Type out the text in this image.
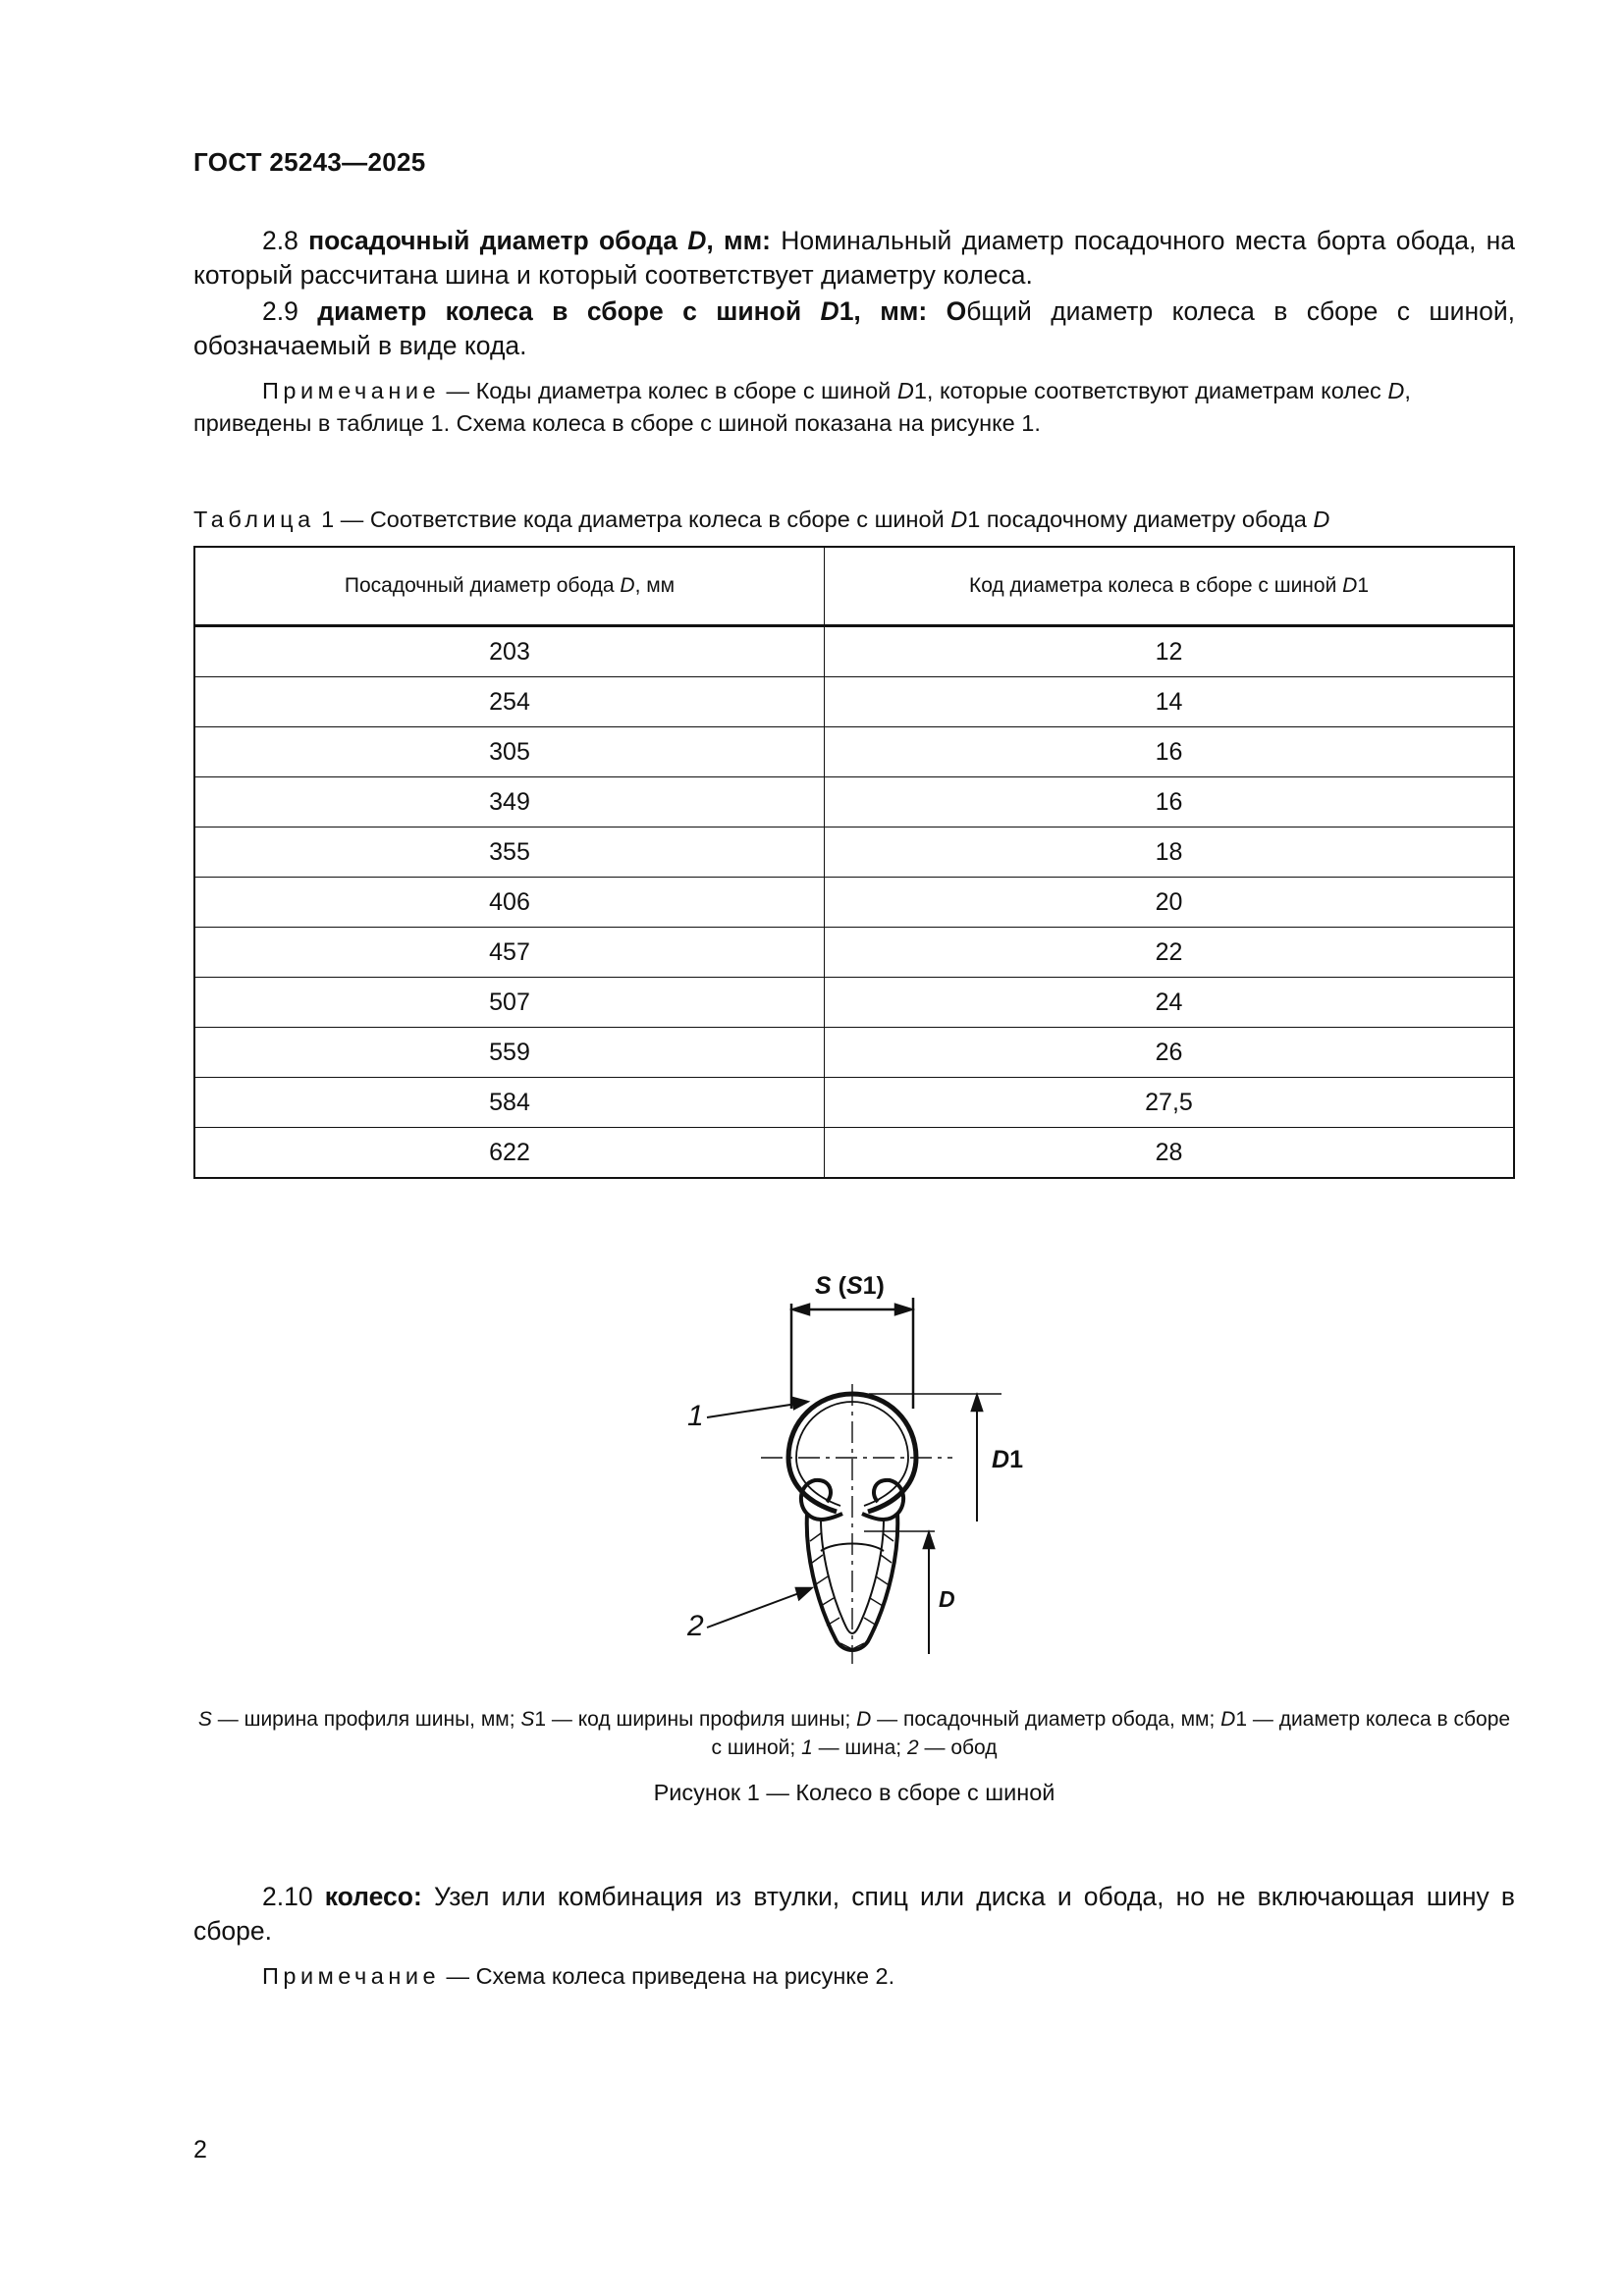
ГОСТ 25243—2025
2.8 посадочный диаметр обода D, мм: Номинальный диаметр посадочного места борта обода, на который рассчитана шина и который соответствует диаметру колеса.
2.9 диаметр колеса в сборе с шиной D1, мм: Общий диаметр колеса в сборе с шиной, обозначаемый в виде кода.
Примечание — Коды диаметра колес в сборе с шиной D1, которые соответствуют диаметрам колес D, приведены в таблице 1. Схема колеса в сборе с шиной показана на рисунке 1.
Таблица 1 — Соответствие кода диаметра колеса в сборе с шиной D1 посадочному диаметру обода D
Посадочный диаметр обода D, мм	Код диаметра колеса в сборе с шиной D1
203	12
254	14
305	16
349	16
355	18
406	20
457	22
507	24
559	26
584	27,5
622	28
S (S1)
D1
D
1
2
S — ширина профиля шины, мм; S1 — код ширины профиля шины; D — посадочный диаметр обода, мм; D1 — диаметр колеса в сборе с шиной; 1 — шина; 2 — обод
Рисунок 1 — Колесо в сборе с шиной
2.10 колесо: Узел или комбинация из втулки, спиц или диска и обода, но не включающая шину в сборе.
Примечание — Схема колеса приведена на рисунке 2.
2
